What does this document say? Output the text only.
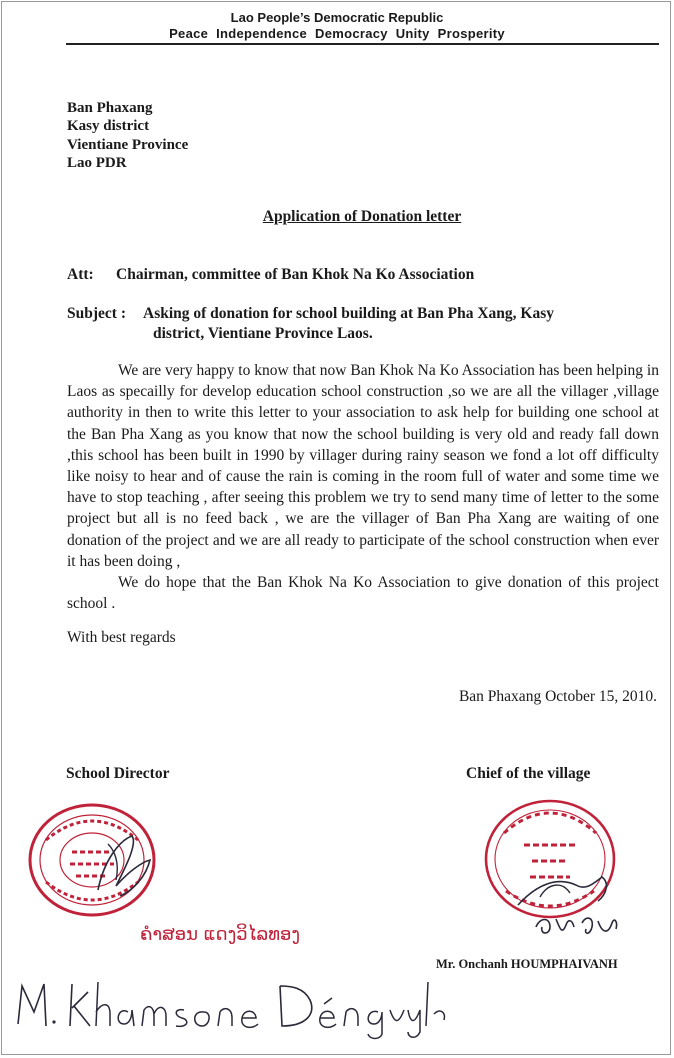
Lao People’s Democratic Republic
Peace Independence Democracy Unity Prosperity
Ban Phaxang
Kasy district
Vientiane Province
Lao PDR
Application of Donation letter
Att: Chairman, committee of Ban Khok Na Ko Association
Subject : Asking of donation for school building at Ban Pha Xang, Kasy
district, Vientiane Province Laos.

We are very happy to know that now Ban Khok Na Ko Association has been helping in Laos as specailly for develop education school construction ,so we are all the villager ,village authority in then to write this letter to your association to ask help for building one school at the Ban Pha Xang as you know that now the school building is very old and ready fall down ,this school has been built in 1990 by villager during rainy season we fond a lot off difficulty like noisy to hear and of cause the rain is coming in the room full of water and some time we have to stop teaching , after seeing this problem we try to send many time of letter to the some project but all is no feed back , we are the villager of Ban Pha Xang are waiting of one donation of the project and we are all ready to participate of the school construction when ever it has been doing ,

We do hope that the Ban Khok Na Ko Association to give donation of this project school .

With best regards
Ban Phaxang October 15, 2010.
School Director	Chief of the village
ຄຳສອນ ແດງວິໄລທອງ
Mr. Onchanh HOUMPHAIVANH
